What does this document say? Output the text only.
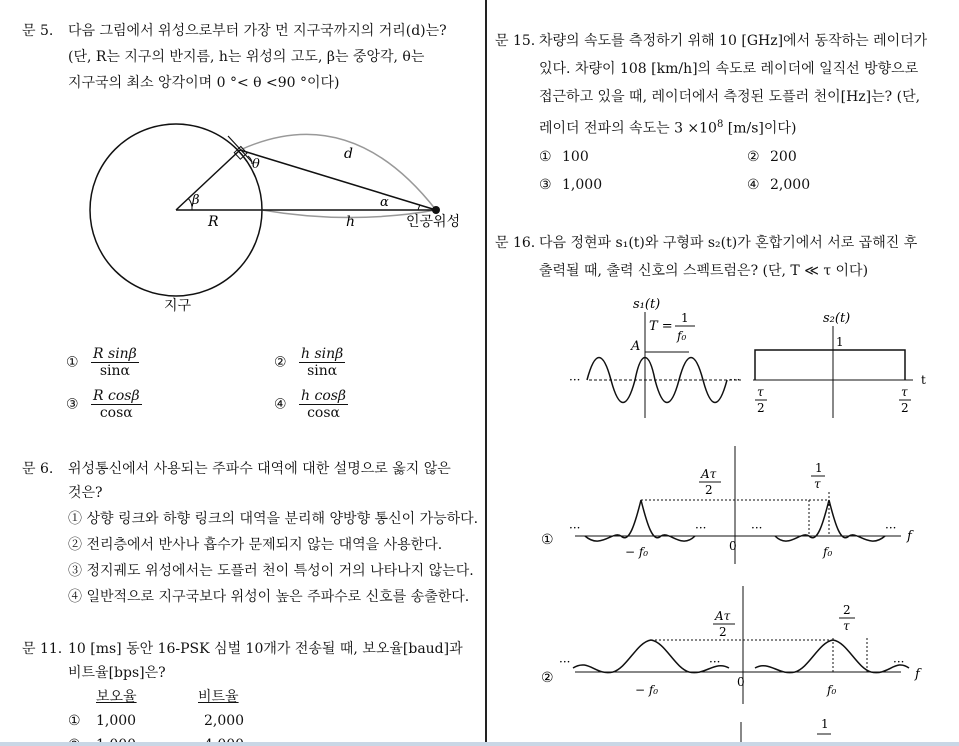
문 5. 다음 그림에서 위성으로부터 가장 먼 지구국까지의 거리(d)는?
(단, R는 지구의 반지름, h는 위성의 고도, β는 중앙각, θ는
지구국의 최소 앙각이며 0 °< θ <90 °이다)
d
θ
β	α
R	h	인공위성
지구
① $\frac{\text{R sinβ}}{\sin\alpha}$	② $\frac{\text{h sinβ}}{\sin\alpha}$
③ $\frac{\text{R cosβ}}{\cos\alpha}$	④ $\frac{\text{h cosβ}}{\cos\alpha}$
문 6. 위성통신에서 사용되는 주파수 대역에 대한 설명으로 옳지 않은
것은?
① 상향 링크와 하향 링크의 대역을 분리해 양방향 통신이 가능하다.
② 전리층에서 반사나 흡수가 문제되지 않는 대역을 사용한다.
③ 정지궤도 위성에서는 도플러 천이 특성이 거의 나타나지 않는다.
④ 일반적으로 지구국보다 위성이 높은 주파수로 신호를 송출한다.
문 11. 10 [ms] 동안 16-PSK 심벌 10개가 전송될 때, 보오율[baud]과
비트율[bps]은?
보오율	비트율
① 1,000	2,000
문 15. 차량의 속도를 측정하기 위해 10 [GHz]에서 동작하는 레이더가
있다. 차량이 108 [km/h]의 속도로 레이더에 일직선 방향으로
접근하고 있을 때, 레이더에서 측정된 도플러 천이[Hz]는? (단,
레이더 전파의 속도는 $3 \times 10^8$ [m/s]이다)
① 100	② 200
③ 1,000	④ 2,000
문 16. 다음 정현파 s₁(t)와 구형파 s₂(t)가 혼합기에서 서로 곱해진 후
출력될 때, 출력 신호의 스펙트럼은? (단, T ≪ τ 이다)
s₁(t)
T =
1
f₀
A
···	···
s₂(t)
1
τ
2
τ
2
t
①
Aτ
2
1
τ
− f₀	0	f₀
f
···	···	···	···
②
Aτ
2
2
τ
− f₀
0
f₀
f
···	···	···
1
